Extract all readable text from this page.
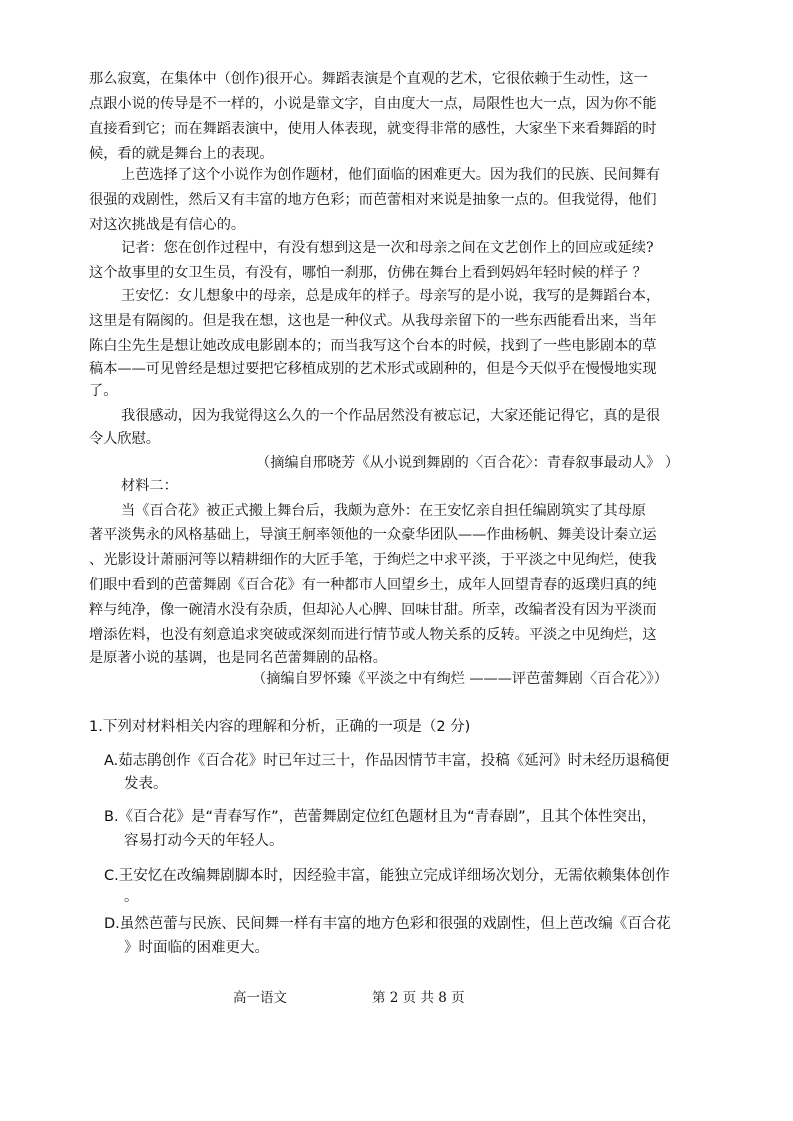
那么寂寞，在集体中（创作)很开心。舞蹈表演是个直观的艺术，它很依赖于生动性，这一
点跟小说的传导是不一样的，小说是靠文字，自由度大一点，局限性也大一点，因为你不能
直接看到它；而在舞蹈表演中，使用人体表现，就变得非常的感性，大家坐下来看舞蹈的时
候，看的就是舞台上的表现。
上芭选择了这个小说作为创作题材，他们面临的困难更大。因为我们的民族、民间舞有
很强的戏剧性，然后又有丰富的地方色彩；而芭蕾相对来说是抽象一点的。但我觉得，他们
对这次挑战是有信心的。
记者：您在创作过程中，有没有想到这是一次和母亲之间在文艺创作上的回应或延续?
这个故事里的女卫生员，有没有，哪怕一刹那，仿佛在舞台上看到妈妈年轻时候的样子 ？
王安忆：女儿想象中的母亲，总是成年的样子。母亲写的是小说，我写的是舞蹈台本，
这里是有隔阂的。但是我在想，这也是一种仪式。从我母亲留下的一些东西能看出来，当年
陈白尘先生是想让她改成电影剧本的；而当我写这个台本的时候，找到了一些电影剧本的草
稿本——可见曾经是想过要把它移植成别的艺术形式或剧种的，但是今天似乎在慢慢地实现
了。
我很感动，因为我觉得这么久的一个作品居然没有被忘记，大家还能记得它，真的是很
令人欣慰。
（摘编自邢晓芳《从小说到舞剧的〈百合花〉：青春叙事最动人》 ）
材料二：
当《百合花》被正式搬上舞台后，我颇为意外：在王安忆亲自担任编剧筑实了其母原
著平淡隽永的风格基础上，导演王舸率领他的一众豪华团队——作曲杨帆、舞美设计秦立运
、光影设计萧丽河等以精耕细作的大匠手笔，于绚烂之中求平淡，于平淡之中见绚烂，使我
们眼中看到的芭蕾舞剧《百合花》有一种都市人回望乡土，成年人回望青春的返璞归真的纯
粹与纯净，像一碗清水没有杂质，但却沁人心脾、回味甘甜。所幸，改编者没有因为平淡而
增添佐料，也没有刻意追求突破或深刻而进行情节或人物关系的反转。平淡之中见绚烂，这
是原著小说的基调，也是同名芭蕾舞剧的品格。
（摘编自罗怀臻《平淡之中有绚烂 ———评芭蕾舞剧〈百合花〉》）
1.下列对材料相关内容的理解和分析，正确的一项是（2 分)
A.茹志鹃创作《百合花》时已年过三十，作品因情节丰富，投稿《延河》时未经历退稿便
发表。
B.《百合花》是“青春写作”，芭蕾舞剧定位红色题材且为“青春剧”，且其个体性突出，
容易打动今天的年轻人。
C.王安忆在改编舞剧脚本时，因经验丰富，能独立完成详细场次划分，无需依赖集体创作
。
D.虽然芭蕾与民族、民间舞一样有丰富的地方色彩和很强的戏剧性，但上芭改编《百合花
》时面临的困难更大。
高一语文	第 2 页 共 8 页
